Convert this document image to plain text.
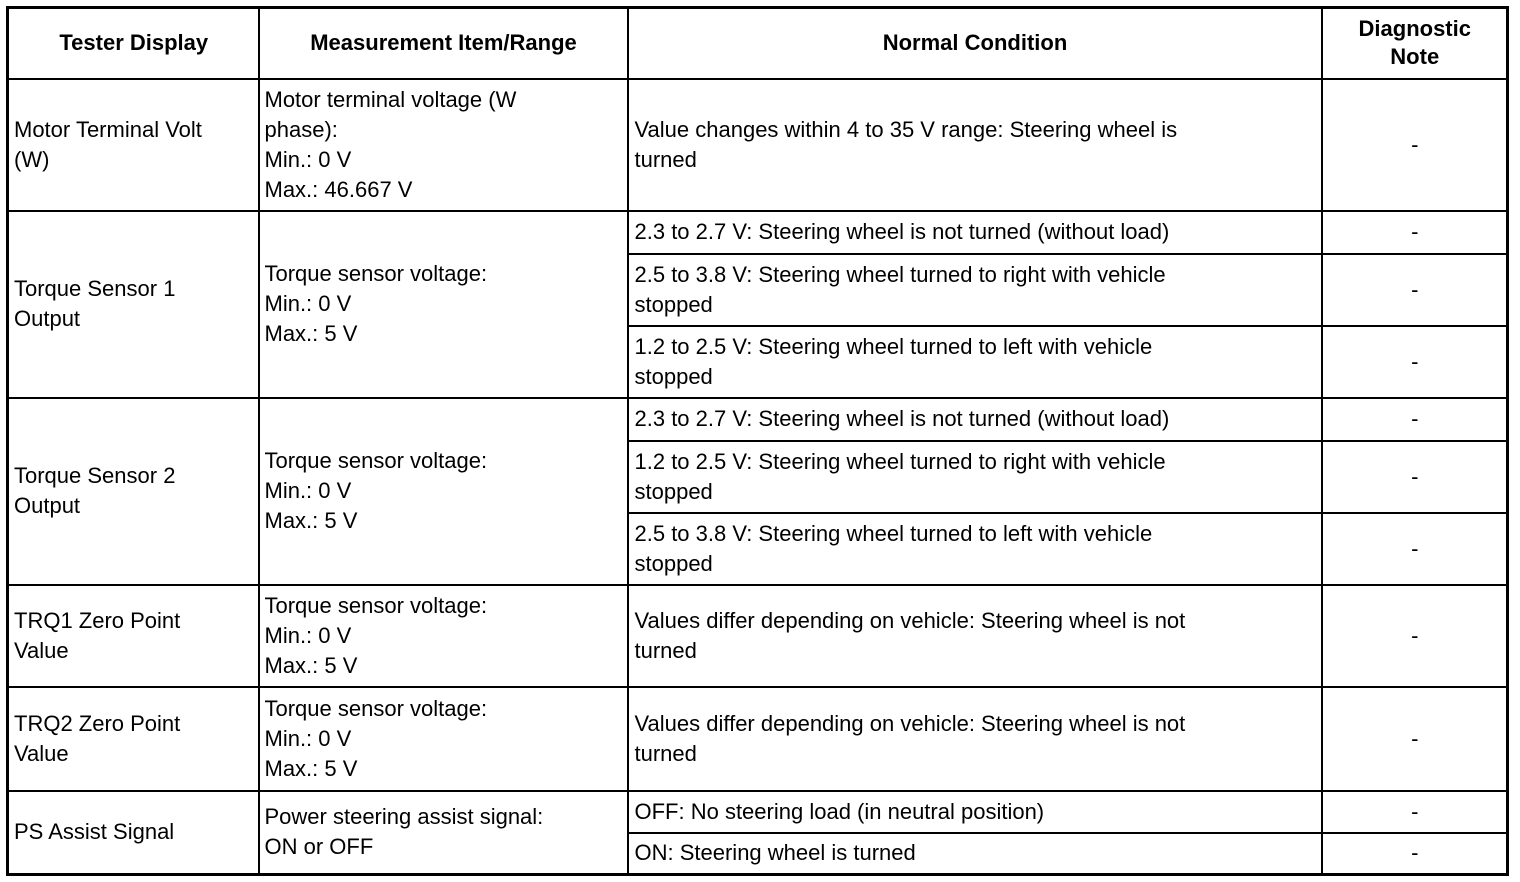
Tester Display	Measurement Item/Range	Normal Condition	Diagnostic
Note

Motor Terminal Volt
(W)	Motor terminal voltage (W
phase):
Min.: 0 V
Max.: 46.667 V	Value changes within 4 to 35 V range: Steering wheel is
turned	-

Torque Sensor 1
Output	Torque sensor voltage:
Min.: 0 V
Max.: 5 V	2.3 to 2.7 V: Steering wheel is not turned (without load)	-

		2.5 to 3.8 V: Steering wheel turned to right with vehicle
stopped	-

		1.2 to 2.5 V: Steering wheel turned to left with vehicle
stopped	-

Torque Sensor 2
Output	Torque sensor voltage:
Min.: 0 V
Max.: 5 V	2.3 to 2.7 V: Steering wheel is not turned (without load)	-

		1.2 to 2.5 V: Steering wheel turned to right with vehicle
stopped	-

		2.5 to 3.8 V: Steering wheel turned to left with vehicle
stopped	-

TRQ1 Zero Point
Value	Torque sensor voltage:
Min.: 0 V
Max.: 5 V	Values differ depending on vehicle: Steering wheel is not
turned	-

TRQ2 Zero Point
Value	Torque sensor voltage:
Min.: 0 V
Max.: 5 V	Values differ depending on vehicle: Steering wheel is not
turned	-

PS Assist Signal	Power steering assist signal:
ON or OFF	OFF: No steering load (in neutral position)	-

		ON: Steering wheel is turned	-
